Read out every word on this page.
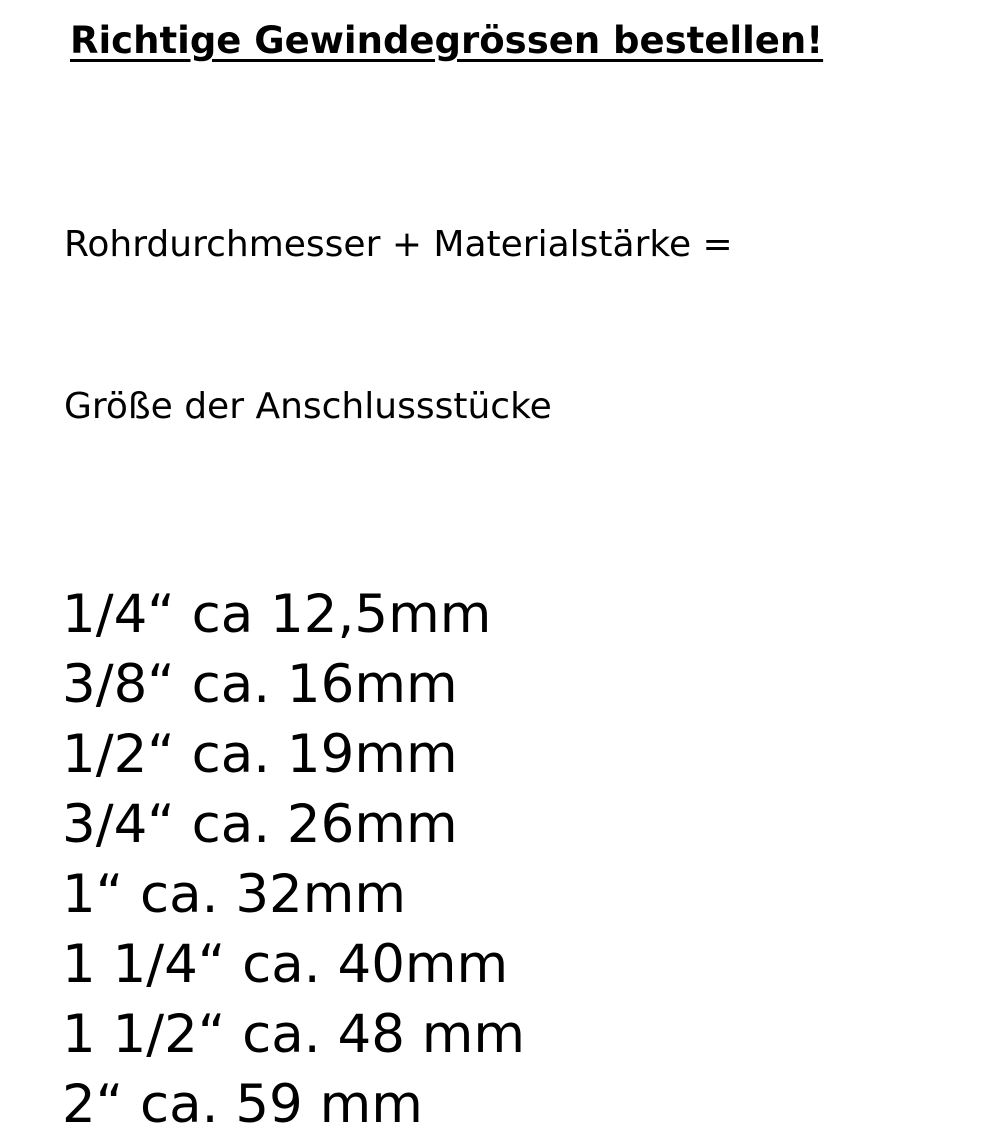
Richtige Gewindegrössen bestellen!

Rohrdurchmesser + Materialstärke =

Größe der Anschlussstücke

1/4“ ca 12,5mm
3/8“ ca. 16mm
1/2“ ca. 19mm
3/4“ ca. 26mm
1“ ca. 32mm
1 1/4“ ca. 40mm
1 1/2“ ca. 48 mm
2“ ca. 59 mm
